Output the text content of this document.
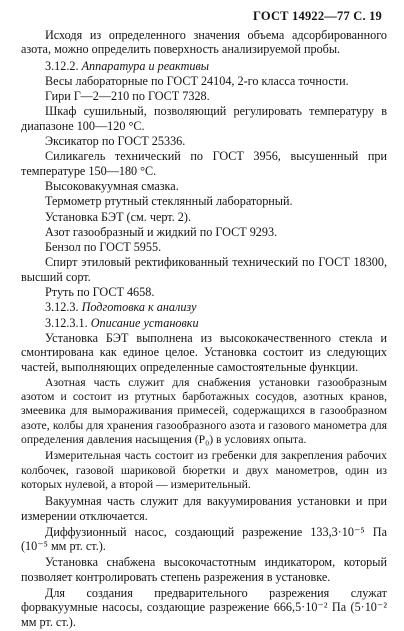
ГОСТ 14922—77 С. 19

Исходя из определенного значения объема адсорбированного азота, можно определить поверхность анализируемой пробы.

3.12.2. Аппаратура и реактивы

Весы лабораторные по ГОСТ 24104, 2-го класса точности.

Гири Г—2—210 по ГОСТ 7328.

Шкаф сушильный, позволяющий регулировать температуру в диапазоне 100—120 °С.

Эксикатор по ГОСТ 25336.

Силикагель технический по ГОСТ 3956, высушенный при температуре 150—180 °С.

Высоковакуумная смазка.

Термометр ртутный стеклянный лабораторный.

Установка БЭТ (см. черт. 2).

Азот газообразный и жидкий по ГОСТ 9293.

Бензол по ГОСТ 5955.

Спирт этиловый ректификованный технический по ГОСТ 18300, высший сорт.

Ртуть по ГОСТ 4658.

3.12.3. Подготовка к анализу

3.12.3.1. Описание установки

Установка БЭТ выполнена из высококачественного стекла и смонтирована как единое целое. Установка состоит из следующих частей, выполняющих определенные самостоятельные функции.

Азотная часть служит для снабжения установки газообразным азотом и состоит из ртутных барботажных сосудов, азотных кранов, змеевика для вымораживания примесей, содержащихся в газообразном азоте, колбы для хранения газообразного азота и газового манометра для определения давления насыщения (P₀) в условиях опыта.

Измерительная часть состоит из гребенки для закрепления рабочих колбочек, газовой шариковой бюретки и двух манометров, один из которых нулевой, а второй — измерительный.

Вакуумная часть служит для вакуумирования установки и при измерении отключается.

Диффузионный насос, создающий разрежение 133,3·10⁻⁵ Па (10⁻⁵ мм рт. ст.).

Установка снабжена высокочастотным индикатором, который позволяет контролировать степень разрежения в установке.

Для создания предварительного разрежения служат форвакуумные насосы, создающие разрежение 666,5·10⁻² Па (5·10⁻² мм рт. ст.).
